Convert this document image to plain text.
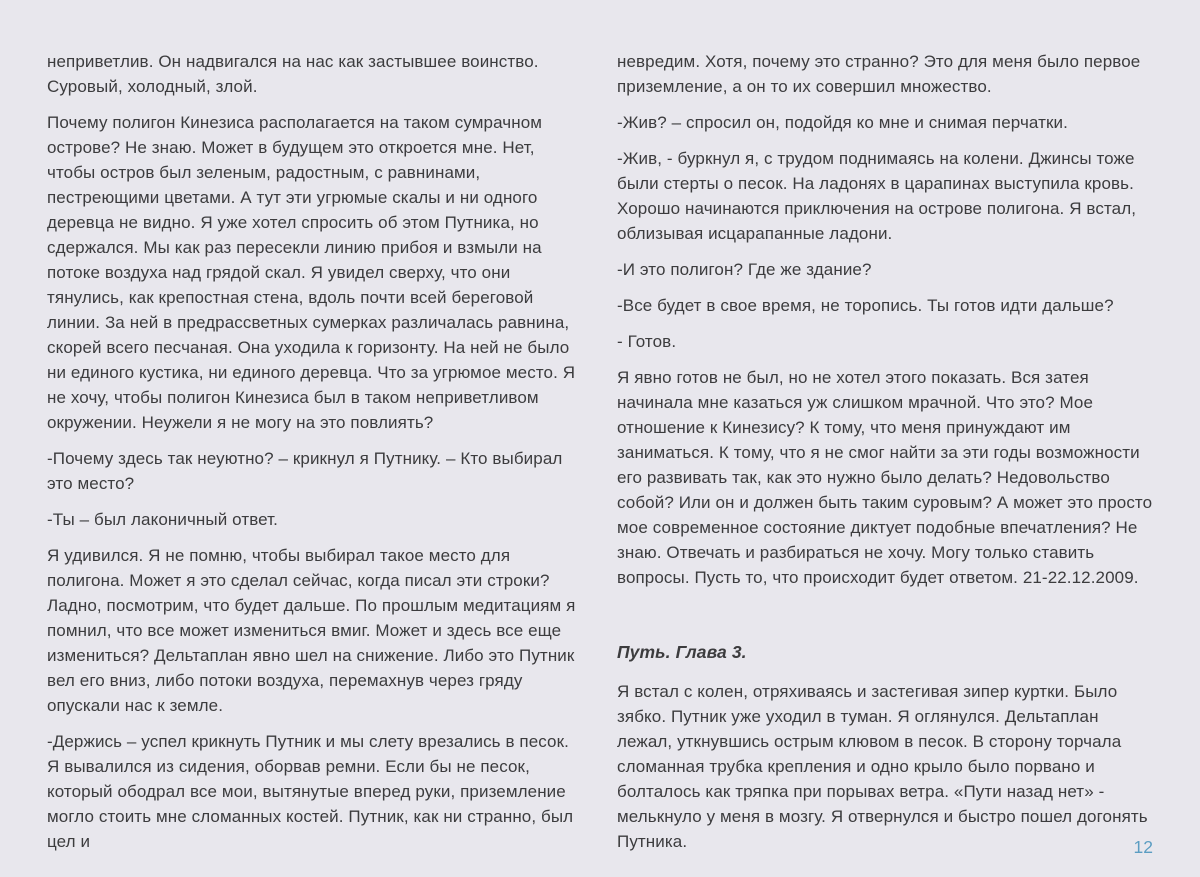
неприветлив. Он надвигался на нас как застывшее воинство. Суровый, холодный, злой.

Почему полигон Кинезиса располагается на таком сумрачном острове? Не знаю. Может в будущем это откроется мне. Нет, чтобы остров был зеленым, радостным, с равнинами, пестреющими цветами. А тут эти угрюмые скалы и ни одного деревца не видно. Я уже хотел спросить об этом Путника, но сдержался. Мы как раз пересекли линию прибоя и взмыли на потоке воздуха над грядой скал. Я увидел сверху, что они тянулись, как крепостная стена, вдоль почти всей береговой линии. За ней в предрассветных сумерках различалась равнина, скорей всего песчаная. Она уходила к горизонту. На ней не было ни единого кустика, ни единого деревца. Что за угрюмое место. Я не хочу, чтобы полигон Кинезиса был в таком неприветливом окружении. Неужели я не могу на это повлиять?

-Почему здесь так неуютно? – крикнул я Путнику. – Кто выбирал это место?

-Ты – был лаконичный ответ.

Я удивился. Я не помню, чтобы выбирал такое место для полигона. Может я это сделал сейчас, когда писал эти строки? Ладно, посмотрим, что будет дальше. По прошлым медитациям я помнил, что все может измениться вмиг. Может и здесь все еще измениться? Дельтаплан явно шел на снижение. Либо это Путник вел его вниз, либо потоки воздуха, перемахнув через гряду опускали нас к земле.

-Держись – успел крикнуть Путник и мы слету врезались в песок. Я вывалился из сидения, оборвав ремни. Если бы не песок, который ободрал все мои, вытянутые вперед руки, приземление могло стоить мне сломанных костей. Путник, как ни странно, был цел и

невредим. Хотя, почему это странно? Это для меня было первое приземление, а он то их совершил множество.

-Жив? – спросил он, подойдя ко мне и снимая перчатки.

-Жив, - буркнул я, с трудом поднимаясь на колени. Джинсы тоже были стерты о песок. На ладонях в царапинах выступила кровь. Хорошо начинаются приключения на острове полигона. Я встал, облизывая исцарапанные ладони.

-И это полигон? Где же здание?

-Все будет в свое время, не торопись. Ты готов идти дальше?

- Готов.

Я явно готов не был, но не хотел этого показать. Вся затея начинала мне казаться уж слишком мрачной. Что это? Мое отношение к Кинезису? К тому, что меня принуждают им заниматься. К тому, что я не смог найти за эти годы возможности его развивать так, как это нужно было делать? Недовольство собой? Или он и должен быть таким суровым? А может это просто мое современное состояние диктует подобные впечатления? Не знаю. Отвечать и разбираться не хочу. Могу только ставить вопросы. Пусть то, что происходит будет ответом. 21-22.12.2009.

Путь. Глава 3.

Я встал с колен, отряхиваясь и застегивая зипер куртки. Было зябко. Путник уже уходил в туман. Я оглянулся. Дельтаплан лежал, уткнувшись острым клювом в песок. В сторону торчала сломанная трубка крепления и одно крыло было порвано и болталось как тряпка при порывах ветра. «Пути назад нет» - мелькнуло у меня в мозгу. Я отвернулся и быстро пошел догонять Путника.	12
